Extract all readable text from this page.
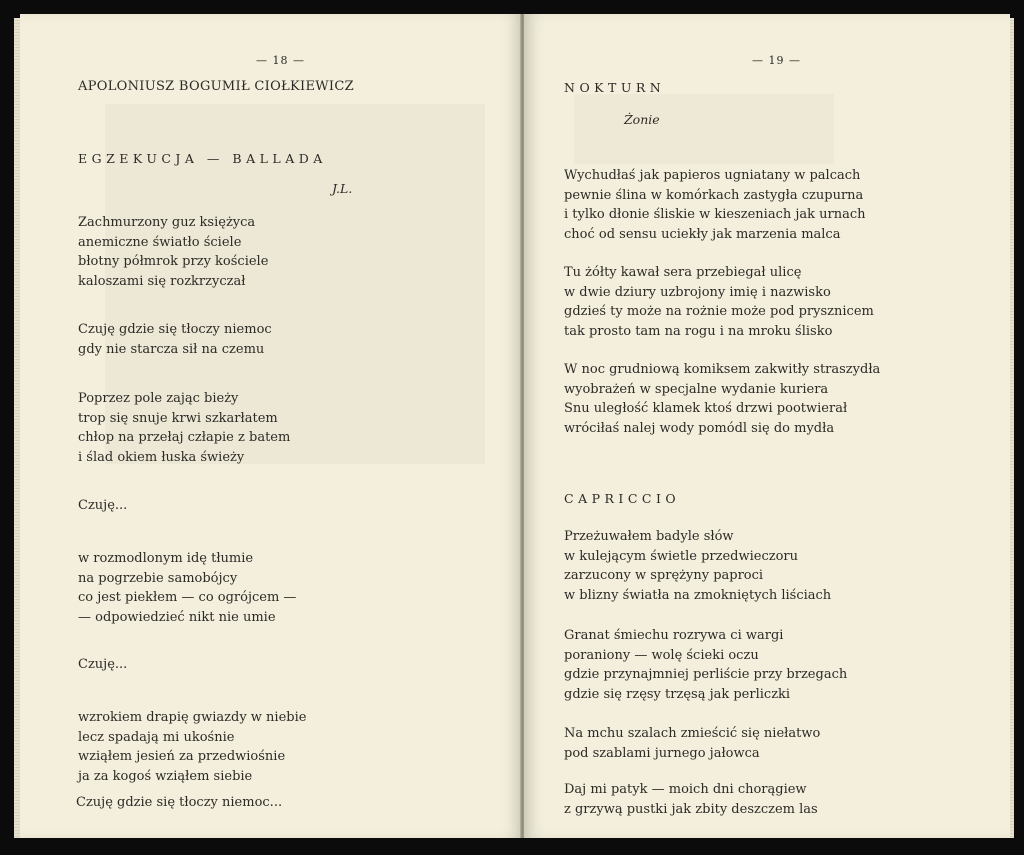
— 18 —
APOLONIUSZ BOGUMIŁ CIOŁKIEWICZ
EGZEKUCJA — BALLADA
J.L.
Zachmurzony guz księżyca
anemiczne światło ściele
błotny półmrok przy kościele
kaloszami się rozkrzyczał
Czuję gdzie się tłoczy niemoc
gdy nie starcza sił na czemu
Poprzez pole zając bieży
trop się snuje krwi szkarłatem
chłop na przełaj człapie z batem
i ślad okiem łuska świeży
Czuję...
w rozmodlonym idę tłumie
na pogrzebie samobójcy
co jest piekłem — co ogrójcem —
— odpowiedzieć nikt nie umie
Czuję...
wzrokiem drapię gwiazdy w niebie
lecz spadają mi ukośnie
wziąłem jesień za przedwiośnie
ja za kogoś wziąłem siebie
Czuję gdzie się tłoczy niemoc...
— 19 —
NOKTURN
Żonie
Wychudłaś jak papieros ugniatany w palcach
pewnie ślina w komórkach zastygła czupurna
i tylko dłonie śliskie w kieszeniach jak urnach
choć od sensu uciekły jak marzenia malca
Tu żółty kawał sera przebiegał ulicę
w dwie dziury uzbrojony imię i nazwisko
gdzieś ty może na rożnie może pod prysznicem
tak prosto tam na rogu i na mroku ślisko
W noc grudniową komiksem zakwitły straszydła
wyobrażeń w specjalne wydanie kuriera
Snu uległość klamek ktoś drzwi pootwierał
wróciłaś nalej wody pomódl się do mydła
CAPRICCIO
Przeżuwałem badyle słów
w kulejącym świetle przedwieczoru
zarzucony w sprężyny paproci
w blizny światła na zmokniętych liściach
Granat śmiechu rozrywa ci wargi
poraniony — wolę ścieki oczu
gdzie przynajmniej perliście przy brzegach
gdzie się rzęsy trzęsą jak perliczki
Na mchu szalach zmieścić się niełatwo
pod szablami jurnego jałowca
Daj mi patyk — moich dni chorągiew
z grzywą pustki jak zbity deszczem las
